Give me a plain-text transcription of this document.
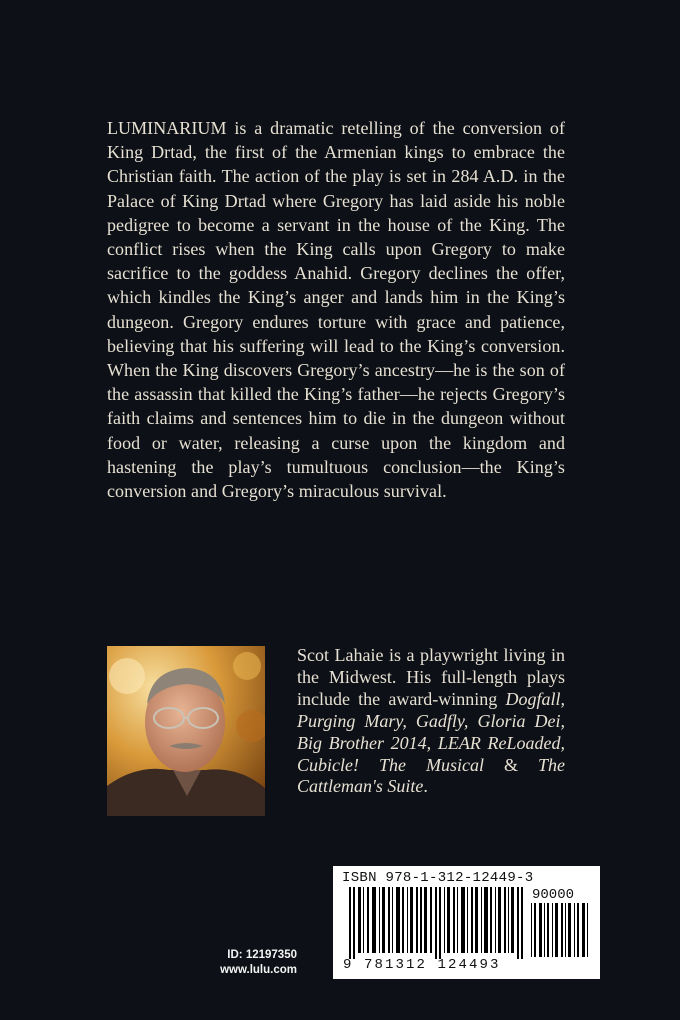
LUMINARIUM is a dramatic retelling of the conversion of King Drtad, the first of the Armenian kings to embrace the Christian faith. The action of the play is set in 284 A.D. in the Palace of King Drtad where Gregory has laid aside his noble pedigree to become a servant in the house of the King. The conflict rises when the King calls upon Gregory to make sacrifice to the goddess Anahid. Gregory declines the offer, which kindles the King’s anger and lands him in the King’s dungeon. Gregory endures torture with grace and patience, believing that his suffering will lead to the King’s conversion. When the King discovers Gregory’s ancestry—he is the son of the assassin that killed the King’s father—he rejects Gregory’s faith claims and sentences him to die in the dungeon without food or water, releasing a curse upon the kingdom and hastening the play’s tumultuous conclusion—the King’s conversion and Gregory’s miraculous survival.

Scot Lahaie is a playwright living in the Midwest. His full-length plays include the award-winning Dogfall, Purging Mary, Gadfly, Gloria Dei, Big Brother 2014, LEAR ReLoaded, Cubicle! The Musical & The Cattleman's Suite.

ID: 12197350
www.lulu.com
ISBN 978-1-312-12449-3
90000
9 781312 124493
